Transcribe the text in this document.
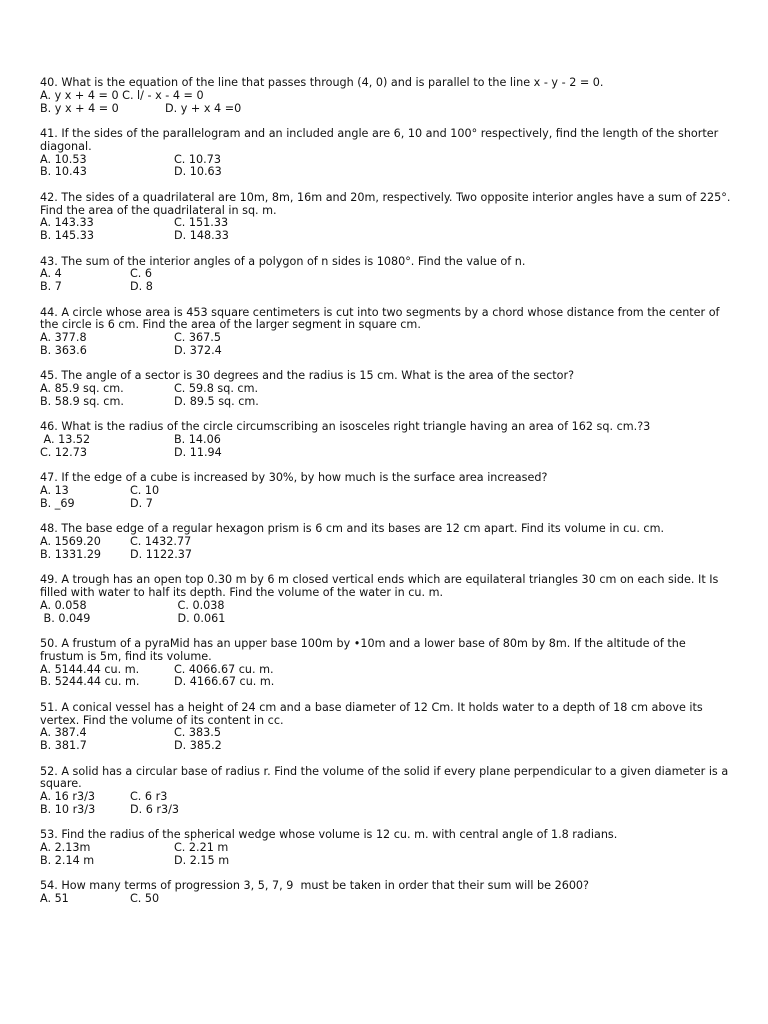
40. What is the equation of the line that passes through (4, 0) and is parallel to the line x - y - 2 = 0.
A. y x + 4 = 0 C. l/ - x - 4 = 0
B. y x + 4 = 0             D. y + x 4 =0
41. If the sides of the parallelogram and an included angle are 6, 10 and 100° respectively, find the length of the shorter diagonal.

A. 10.53

	C. 10.73

B. 10.43

	D. 10.63

42. The sides of a quadrilateral are 10m, 8m, 16m and 20m, respectively. Two opposite interior angles have a sum of 225°. Find the area of the quadrilateral in sq. m.

A. 143.33

	C. 151.33

B. 145.33

	D. 148.33

43. The sum of the interior angles of a polygon of n sides is 1080°. Find the value of n.

A. 4

	C. 6

B. 7

	D. 8

44. A circle whose area is 453 square centimeters is cut into two segments by a chord whose distance from the center of the circle is 6 cm. Find the area of the larger segment in square cm.

A. 377.8

	C. 367.5

B. 363.6

	D. 372.4

45. The angle of a sector is 30 degrees and the radius is 15 cm. What is the area of the sector?

A. 85.9 sq. cm.

	C. 59.8 sq. cm.

B. 58.9 sq. cm.

	D. 89.5 sq. cm.

46. What is the radius of the circle circumscribing an isosceles right triangle having an area of 162 sq. cm.?3

A. 13.52

	B. 14.06

C. 12.73

	D. 11.94

47. If the edge of a cube is increased by 30%, by how much is the surface area increased?

A. 13

	C. 10

B. _69

	D. 7

48. The base edge of a regular hexagon prism is 6 cm and its bases are 12 cm apart. Find its volume in cu. cm.

A. 1569.20

	C. 1432.77

B. 1331.29

	D. 1122.37

49. A trough has an open top 0.30 m by 6 m closed vertical ends which are equilateral triangles 30 cm on each side. It Is filled with water to half its depth. Find the volume of the water in cu. m.

A. 0.058

	C. 0.038

B. 0.049

	D. 0.061

50. A frustum of a pyraMid has an upper base 100m by •10m and a lower base of 80m by 8m. If the altitude of the frustum is 5m, find its volume.

A. 5144.44 cu. m.

	C. 4066.67 cu. m.

B. 5244.44 cu. m.

	D. 4166.67 cu. m.

51. A conical vessel has a height of 24 cm and a base diameter of 12 Cm. It holds water to a depth of 18 cm above its vertex. Find the volume of its content in cc.

A. 387.4

	C. 383.5

B. 381.7

	D. 385.2

52. A solid has a circular base of radius r. Find the volume of the solid if every plane perpendicular to a given diameter is a square.

A. 16 r3/3

	C. 6 r3

B. 10 r3/3

	D. 6 r3/3

53. Find the radius of the spherical wedge whose volume is 12 cu. m. with central angle of 1.8 radians.

A. 2.13m

	C. 2.21 m

B. 2.14 m

	D. 2.15 m

54. How many terms of progression 3, 5, 7, 9  must be taken in order that their sum will be 2600?

A. 51

	C. 50
